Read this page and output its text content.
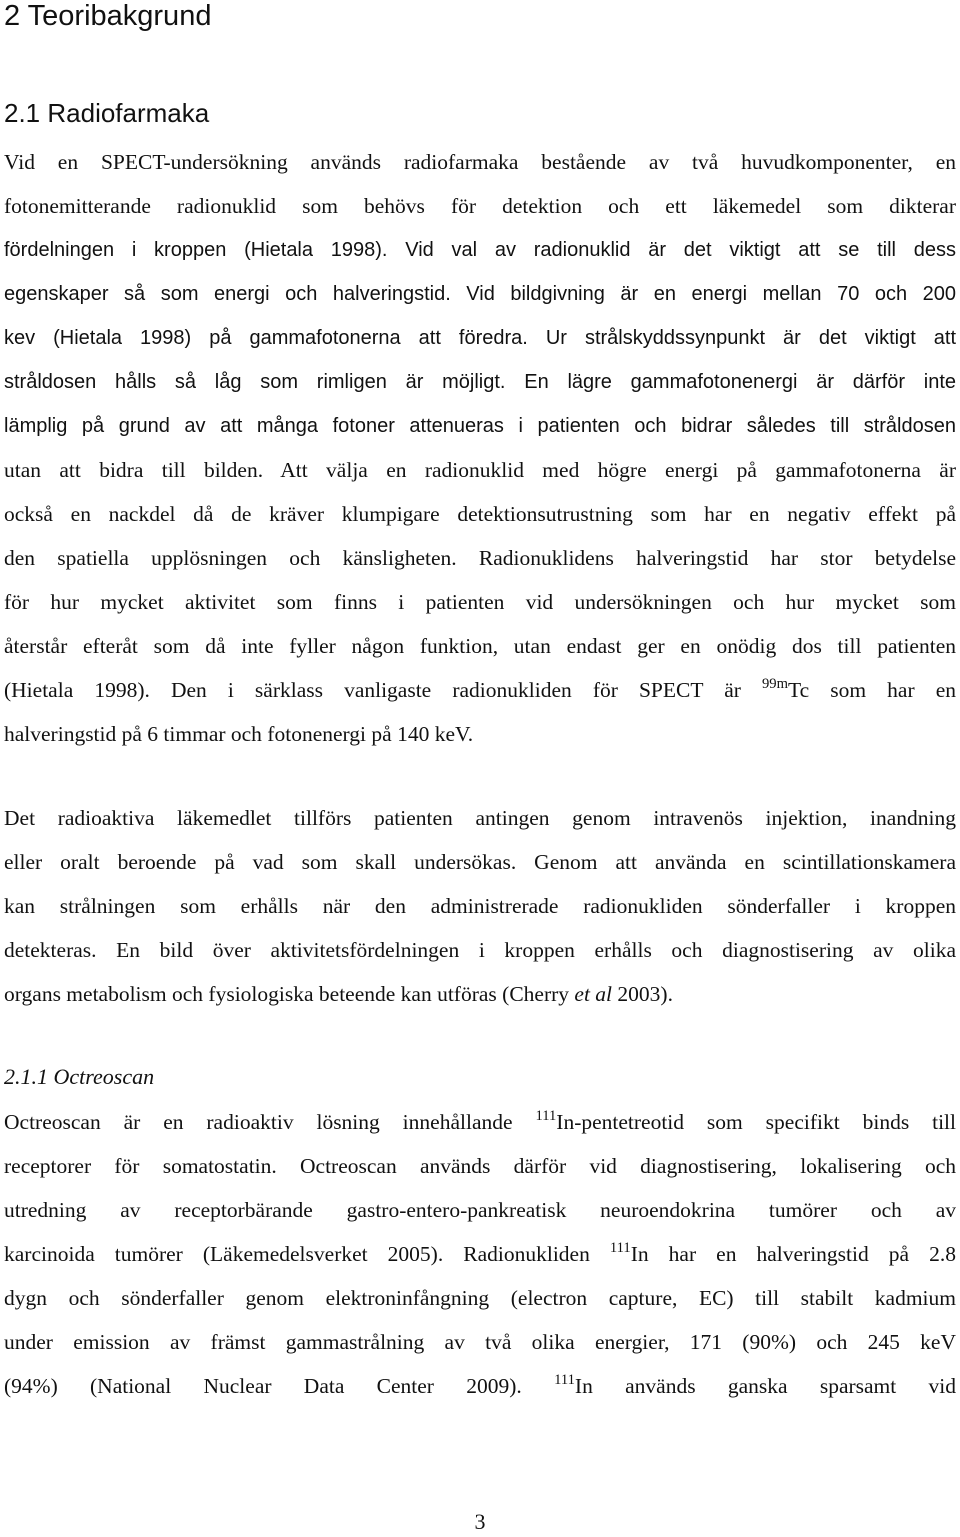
2 Teoribakgrund
2.1 Radiofarmaka
Vid en SPECT-undersökning används radiofarmaka bestående av två huvudkomponenter, en
fotonemitterande radionuklid som behövs för detektion och ett läkemedel som dikterar
fördelningen i kroppen (Hietala 1998). Vid val av radionuklid är det viktigt att se till dess
egenskaper så som energi och halveringstid. Vid bildgivning är en energi mellan 70 och 200
kev (Hietala 1998) på gammafotonerna att föredra. Ur strålskyddssynpunkt är det viktigt att
stråldosen hålls så låg som rimligen är möjligt. En lägre gammafotonenergi är därför inte
lämplig på grund av att många fotoner attenueras i patienten och bidrar således till stråldosen
utan att bidra till bilden. Att välja en radionuklid med högre energi på gammafotonerna är
också en nackdel då de kräver klumpigare detektionsutrustning som har en negativ effekt på
den spatiella upplösningen och känsligheten. Radionuklidens halveringstid har stor betydelse
för hur mycket aktivitet som finns i patienten vid undersökningen och hur mycket som
återstår efteråt som då inte fyller någon funktion, utan endast ger en onödig dos till patienten
(Hietala 1998). Den i särklass vanligaste radionukliden för SPECT är $^{99m}$Tc som har en
halveringstid på 6 timmar och fotonenergi på 140 keV.
Det radioaktiva läkemedlet tillförs patienten antingen genom intravenös injektion, inandning
eller oralt beroende på vad som skall undersökas. Genom att använda en scintillationskamera
kan strålningen som erhålls när den administrerade radionukliden sönderfaller i kroppen
detekteras. En bild över aktivitetsfördelningen i kroppen erhålls och diagnostisering av olika
organs metabolism och fysiologiska beteende kan utföras (Cherry et al 2003).
2.1.1 Octreoscan
Octreoscan är en radioaktiv lösning innehållande $^{111}$In-pentetreotid som specifikt binds till
receptorer för somatostatin. Octreoscan används därför vid diagnostisering, lokalisering och
utredning av receptorbärande gastro-entero-pankreatisk neuroendokrina tumörer och av
karcinoida tumörer (Läkemedelsverket 2005). Radionukliden $^{111}$In har en halveringstid på 2.8
dygn och sönderfaller genom elektroninfångning (electron capture, EC) till stabilt kadmium
under emission av främst gammastrålning av två olika energier, 171 (90%) och 245 keV
(94%) (National Nuclear Data Center 2009). $^{111}$In används ganska sparsamt vid
3
